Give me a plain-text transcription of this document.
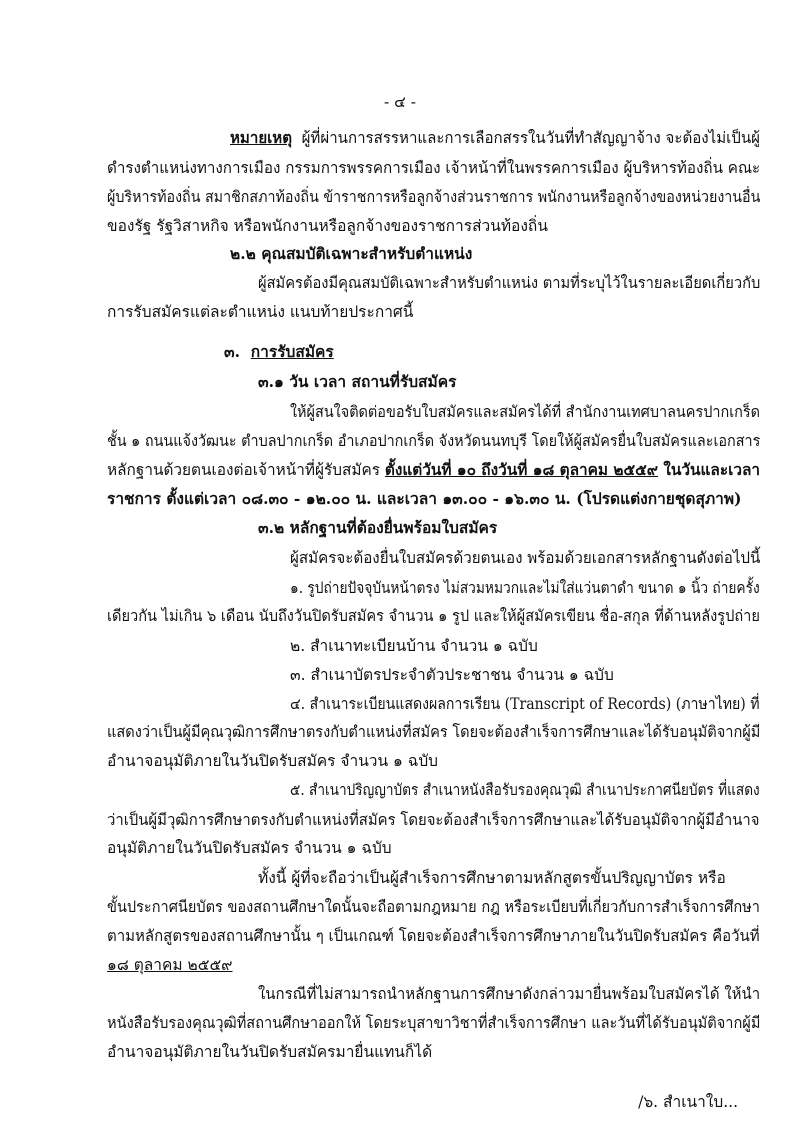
- ๔ -
หมายเหตุ ผู้ที่ผ่านการสรรหาและการเลือกสรรในวันที่ทำสัญญาจ้าง จะต้องไม่เป็นผู้
ดำรงตำแหน่งทางการเมือง กรรมการพรรคการเมือง เจ้าหน้าที่ในพรรคการเมือง ผู้บริหารท้องถิ่น คณะ
ผู้บริหารท้องถิ่น สมาชิกสภาท้องถิ่น ข้าราชการหรือลูกจ้างส่วนราชการ พนักงานหรือลูกจ้างของหน่วยงานอื่น
ของรัฐ รัฐวิสาหกิจ หรือพนักงานหรือลูกจ้างของราชการส่วนท้องถิ่น
๒.๒ คุณสมบัติเฉพาะสำหรับตำแหน่ง
ผู้สมัครต้องมีคุณสมบัติเฉพาะสำหรับตำแหน่ง ตามที่ระบุไว้ในรายละเอียดเกี่ยวกับ
การรับสมัครแต่ละตำแหน่ง แนบท้ายประกาศนี้
๓. การรับสมัคร
๓.๑ วัน เวลา สถานที่รับสมัคร
ให้ผู้สนใจติดต่อขอรับใบสมัครและสมัครได้ที่ สำนักงานเทศบาลนครปากเกร็ด
ชั้น ๑ ถนนแจ้งวัฒนะ ตำบลปากเกร็ด อำเภอปากเกร็ด จังหวัดนนทบุรี โดยให้ผู้สมัครยื่นใบสมัครและเอกสาร
หลักฐานด้วยตนเองต่อเจ้าหน้าที่ผู้รับสมัคร ตั้งแต่วันที่ ๑๐ ถึงวันที่ ๑๘ ตุลาคม ๒๕๕๙ ในวันและเวลา
ราชการ ตั้งแต่เวลา ๐๘.๓๐ - ๑๒.๐๐ น. และเวลา ๑๓.๐๐ - ๑๖.๓๐ น. (โปรดแต่งกายชุดสุภาพ)
๓.๒ หลักฐานที่ต้องยื่นพร้อมใบสมัคร
ผู้สมัครจะต้องยื่นใบสมัครด้วยตนเอง พร้อมด้วยเอกสารหลักฐานดังต่อไปนี้
๑. รูปถ่ายปัจจุบันหน้าตรง ไม่สวมหมวกและไม่ใส่แว่นตาดำ ขนาด ๑ นิ้ว ถ่ายครั้ง
เดียวกัน ไม่เกิน ๖ เดือน นับถึงวันปิดรับสมัคร จำนวน ๑ รูป และให้ผู้สมัครเขียน ชื่อ-สกุล ที่ด้านหลังรูปถ่าย
๒. สำเนาทะเบียนบ้าน จำนวน ๑ ฉบับ
๓. สำเนาบัตรประจำตัวประชาชน จำนวน ๑ ฉบับ
๔. สำเนาระเบียนแสดงผลการเรียน (Transcript of Records) (ภาษาไทย) ที่
แสดงว่าเป็นผู้มีคุณวุฒิการศึกษาตรงกับตำแหน่งที่สมัคร โดยจะต้องสำเร็จการศึกษาและได้รับอนุมัติจากผู้มี
อำนาจอนุมัติภายในวันปิดรับสมัคร จำนวน ๑ ฉบับ
๕. สำเนาปริญญาบัตร สำเนาหนังสือรับรองคุณวุฒิ สำเนาประกาศนียบัตร ที่แสดง
ว่าเป็นผู้มีวุฒิการศึกษาตรงกับตำแหน่งที่สมัคร โดยจะต้องสำเร็จการศึกษาและได้รับอนุมัติจากผู้มีอำนาจ
อนุมัติภายในวันปิดรับสมัคร จำนวน ๑ ฉบับ
ทั้งนี้ ผู้ที่จะถือว่าเป็นผู้สำเร็จการศึกษาตามหลักสูตรขั้นปริญญาบัตร หรือ
ขั้นประกาศนียบัตร ของสถานศึกษาใดนั้นจะถือตามกฎหมาย กฎ หรือระเบียบที่เกี่ยวกับการสำเร็จการศึกษา
ตามหลักสูตรของสถานศึกษานั้น ๆ เป็นเกณฑ์ โดยจะต้องสำเร็จการศึกษาภายในวันปิดรับสมัคร คือวันที่
๑๘ ตุลาคม ๒๕๕๙
ในกรณีที่ไม่สามารถนำหลักฐานการศึกษาดังกล่าวมายื่นพร้อมใบสมัครได้ ให้นำ
หนังสือรับรองคุณวุฒิที่สถานศึกษาออกให้ โดยระบุสาขาวิชาที่สำเร็จการศึกษา และวันที่ได้รับอนุมัติจากผู้มี
อำนาจอนุมัติภายในวันปิดรับสมัครมายื่นแทนก็ได้
/๖. สำเนาใบ...
